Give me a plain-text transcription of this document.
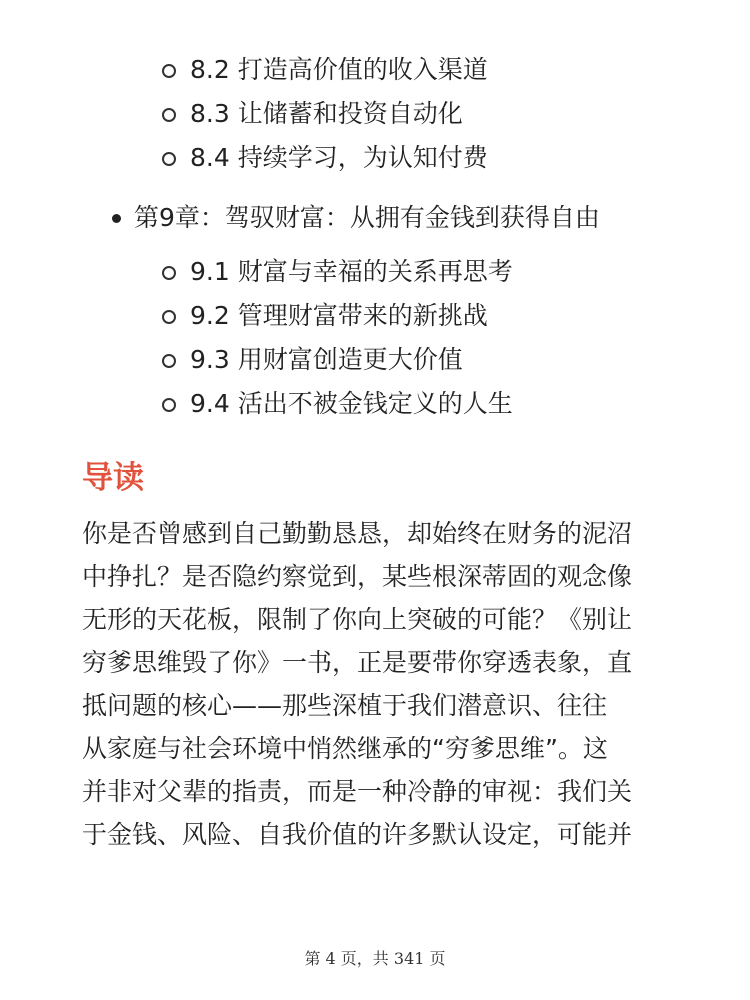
8.2 打造高价值的收入渠道
8.3 让储蓄和投资自动化
8.4 持续学习，为认知付费
第9章：驾驭财富：从拥有金钱到获得自由
9.1 财富与幸福的关系再思考
9.2 管理财富带来的新挑战
9.3 用财富创造更大价值
9.4 活出不被金钱定义的人生
导读
你是否曾感到自己勤勤恳恳，却始终在财务的泥沼
中挣扎？是否隐约察觉到，某些根深蒂固的观念像
无形的天花板，限制了你向上突破的可能？《别让
穷爹思维毁了你》一书，正是要带你穿透表象，直
抵问题的核心——那些深植于我们潜意识、往往
从家庭与社会环境中悄然继承的“穷爹思维”。这
并非对父辈的指责，而是一种冷静的审视：我们关
于金钱、风险、自我价值的许多默认设定，可能并
第 4 页，共 341 页
